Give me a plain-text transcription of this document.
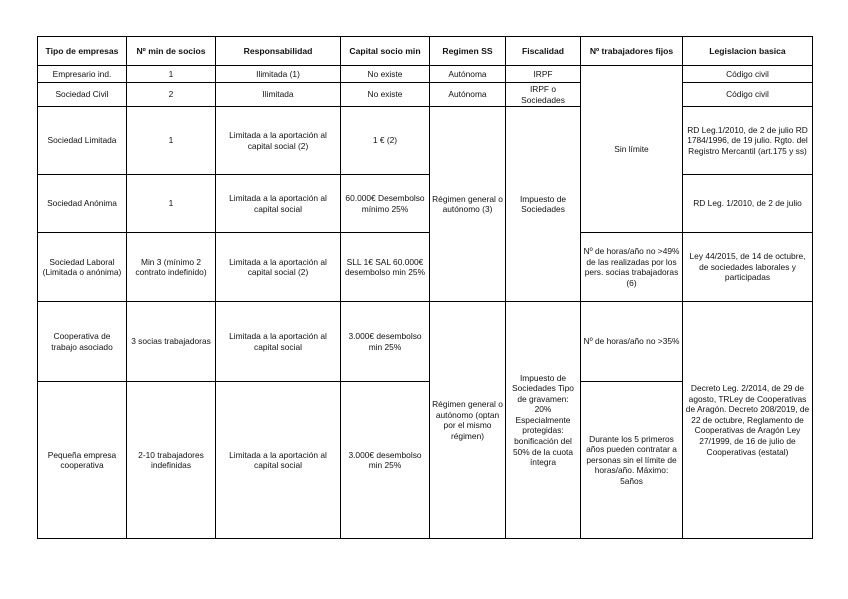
Tipo de empresas	Nº min de socios	Responsabilidad	Capital socio min	Regimen SS	Fiscalidad	Nº trabajadores fijos	Legislacion basica
Empresario ind.	1	Ilimitada (1)	No existe	Autónoma	IRPF	Sin límite	Código civil
Sociedad Civil	2	Ilimitada	No existe	Autónoma	IRPF o Sociedades		Código civil
Sociedad Limitada	1	Limitada a la aportación al capital social (2)	1 € (2)	Régimen general o autónomo (3)	Impuesto de Sociedades		RD Leg.1/2010, de 2 de julio RD 1784/1996, de 19 julio. Rgto. del Registro Mercantil (art.175 y ss)
Sociedad Anónima	1	Limitada a la aportación al capital social	60.000€ Desembolso mínimo 25%				RD Leg. 1/2010, de 2 de julio
Sociedad Laboral (Limitada o anónima)	Min 3 (mínimo 2 contrato indefinido)	Limitada a la aportación al capital social (2)	SLL 1€ SAL 60.000€ desembolso min 25%			Nº de horas/año no >49% de las realizadas por los pers. socias trabajadoras (6)	Ley 44/2015, de 14 de octubre, de sociedades laborales y participadas
Cooperativa de trabajo asociado	3 socias trabajadoras	Limitada a la aportación al capital social	3.000€ desembolso min 25%	Régimen general o autónomo (optan por el mismo régimen)	Impuesto de Sociedades Tipo de gravamen: 20% Especialmente protegidas: bonificación del 50% de la cuota íntegra	Nº de horas/año no >35%	Decreto Leg. 2/2014, de 29 de agosto, TRLey de Cooperativas de Aragón. Decreto 208/2019, de 22 de octubre, Reglamento de Cooperativas de Aragón Ley 27/1999, de 16 de julio de Cooperativas (estatal)
Pequeña empresa cooperativa	2-10 trabajadores indefinidas	Limitada a la aportación al capital social	3.000€ desembolso min 25%			Durante los 5 primeros años pueden contratar a personas sin el límite de horas/año. Máximo: 5años	
